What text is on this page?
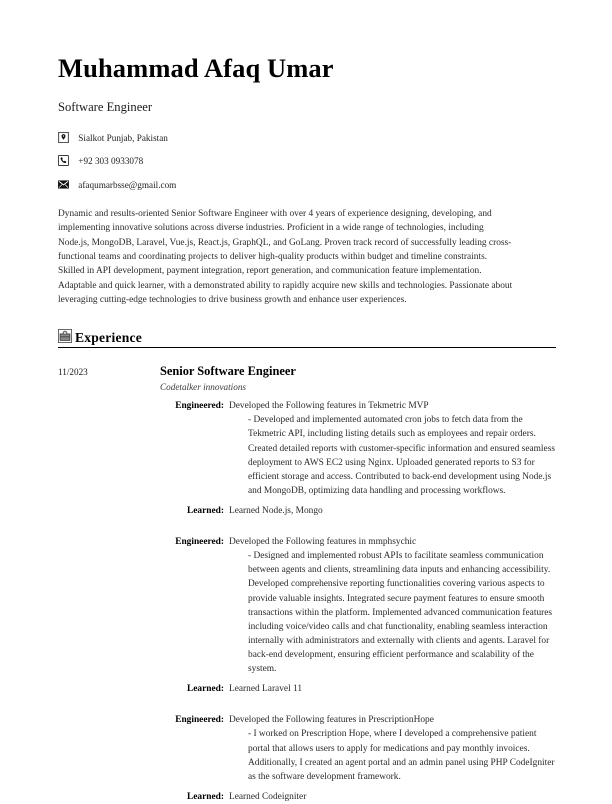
Muhammad Afaq Umar
Software Engineer
Sialkot Punjab, Pakistan
+92 303 0933078
afaqumarbsse@gmail.com
Dynamic and results-oriented Senior Software Engineer with over 4 years of experience designing, developing, and implementing innovative solutions across diverse industries. Proficient in a wide range of technologies, including Node.js, MongoDB, Laravel, Vue.js, React.js, GraphQL, and GoLang. Proven track record of successfully leading cross-functional teams and coordinating projects to deliver high-quality products within budget and timeline constraints. Skilled in API development, payment integration, report generation, and communication feature implementation. Adaptable and quick learner, with a demonstrated ability to rapidly acquire new skills and technologies. Passionate about leveraging cutting-edge technologies to drive business growth and enhance user experiences.
Experience
11/2023	Senior Software Engineer
Codetalker innovations
Engineered: Developed the Following features in Tekmetric MVP
- Developed and implemented automated cron jobs to fetch data from the Tekmetric API, including listing details such as employees and repair orders. Created detailed reports with customer-specific information and ensured seamless deployment to AWS EC2 using Nginx. Uploaded generated reports to S3 for efficient storage and access. Contributed to back-end development using Node.js and MongoDB, optimizing data handling and processing workflows.
Learned: Learned Node.js, Mongo
Engineered: Developed the Following features in mmphsychic
- Designed and implemented robust APIs to facilitate seamless communication between agents and clients, streamlining data inputs and enhancing accessibility. Developed comprehensive reporting functionalities covering various aspects to provide valuable insights. Integrated secure payment features to ensure smooth transactions within the platform. Implemented advanced communication features including voice/video calls and chat functionality, enabling seamless interaction internally with administrators and externally with clients and agents. Laravel for back-end development, ensuring efficient performance and scalability of the system.
Learned: Learned Laravel 11
Engineered: Developed the Following features in PrescriptionHope
- I worked on Prescription Hope, where I developed a comprehensive patient portal that allows users to apply for medications and pay monthly invoices. Additionally, I created an agent portal and an admin panel using PHP CodeIgniter as the software development framework.
Learned: Learned Codeigniter
